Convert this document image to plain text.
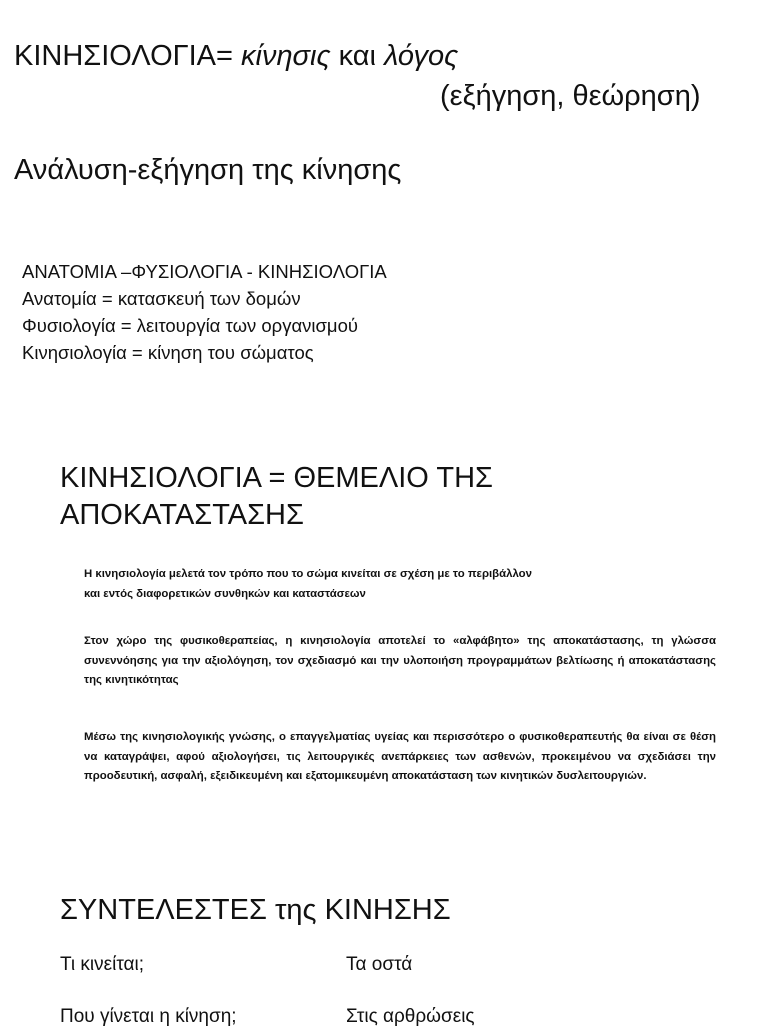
ΚΙΝΗΣΙΟΛΟΓΙΑ= κίνησις και λόγος
(εξήγηση, θεώρηση)
Ανάλυση-εξήγηση της κίνησης
ΑΝΑΤΟΜΙΑ –ΦΥΣΙΟΛΟΓΙΑ - ΚΙΝΗΣΙΟΛΟΓΙΑ
Ανατομία = κατασκευή των δομών
Φυσιολογία = λειτουργία των οργανισμού
Κινησιολογία = κίνηση του σώματος
ΚΙΝΗΣΙΟΛΟΓΙΑ = ΘΕΜΕΛΙΟ ΤΗΣ ΑΠΟΚΑΤΑΣΤΑΣΗΣ
Η κινησιολογία μελετά τον τρόπο που το σώμα κινείται σε σχέση με το περιβάλλον
και εντός διαφορετικών συνθηκών και καταστάσεων
Στον χώρο της φυσικοθεραπείας, η κινησιολογία αποτελεί το «αλφάβητο» της αποκατάστασης, τη γλώσσα συνεννόησης για την αξιολόγηση, τον σχεδιασμό και την υλοποιήση προγραμμάτων βελτίωσης ή αποκατάστασης της κινητικότητας
Μέσω της κινησιολογικής γνώσης, ο επαγγελματίας υγείας και περισσότερο ο φυσικοθεραπευτής θα είναι σε θέση να καταγράψει, αφού αξιολογήσει, τις λειτουργικές ανεπάρκειες των ασθενών, προκειμένου να σχεδιάσει την προοδευτική, ασφαλή, εξειδικευμένη και εξατομικευμένη αποκατάσταση των κινητικών δυσλειτουργιών.
ΣΥΝΤΕΛΕΣΤΕΣ της ΚΙΝΗΣΗΣ
Τι κινείται;	Τα οστά
Που γίνεται η κίνηση;	Στις αρθρώσεις
